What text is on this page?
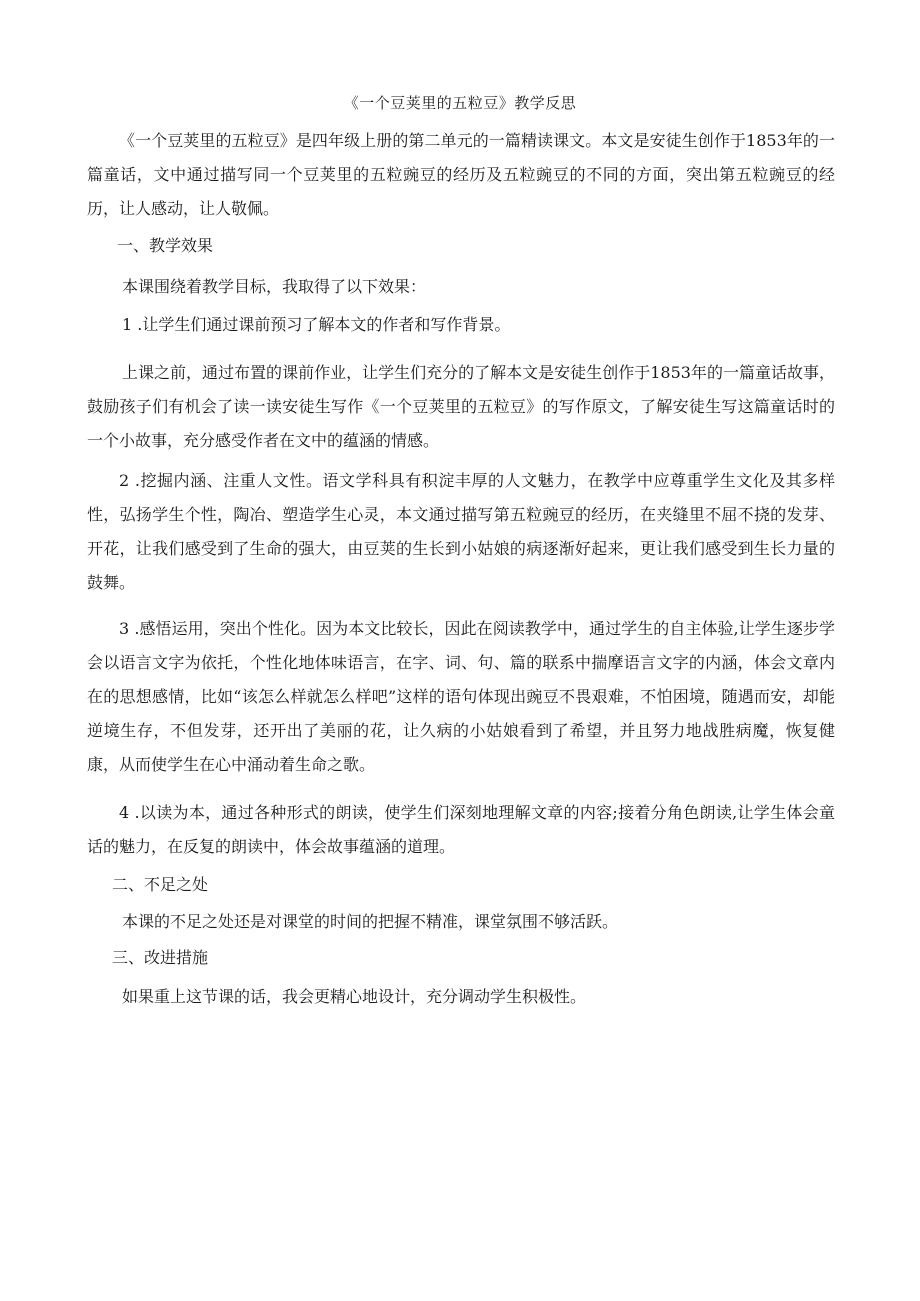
《一个豆荚里的五粒豆》教学反思
《一个豆荚里的五粒豆》是四年级上册的第二单元的一篇精读课文。本文是安徒生创作于1853年的一篇童话，文中通过描写同一个豆荚里的五粒豌豆的经历及五粒豌豆的不同的方面，突出第五粒豌豆的经历，让人感动，让人敬佩。
一、教学效果
本课围绕着教学目标，我取得了以下效果：
1 .让学生们通过课前预习了解本文的作者和写作背景。
上课之前，通过布置的课前作业，让学生们充分的了解本文是安徒生创作于1853年的一篇童话故事，鼓励孩子们有机会了读一读安徒生写作《一个豆荚里的五粒豆》的写作原文，了解安徒生写这篇童话时的一个小故事，充分感受作者在文中的蕴涵的情感。
2 .挖掘内涵、注重人文性。语文学科具有积淀丰厚的人文魅力，在教学中应尊重学生文化及其多样性，弘扬学生个性，陶冶、塑造学生心灵，本文通过描写第五粒豌豆的经历，在夹缝里不屈不挠的发芽、开花，让我们感受到了生命的强大，由豆荚的生长到小姑娘的病逐渐好起来，更让我们感受到生长力量的鼓舞。
3 .感悟运用，突出个性化。因为本文比较长，因此在阅读教学中，通过学生的自主体验,让学生逐步学会以语言文字为依托，个性化地体味语言，在字、词、句、篇的联系中揣摩语言文字的内涵，体会文章内在的思想感情，比如“该怎么样就怎么样吧”这样的语句体现出豌豆不畏艰难，不怕困境，随遇而安，却能逆境生存，不但发芽，还开出了美丽的花，让久病的小姑娘看到了希望，并且努力地战胜病魔，恢复健康，从而使学生在心中涌动着生命之歌。
4 .以读为本，通过各种形式的朗读，使学生们深刻地理解文章的内容;接着分角色朗读,让学生体会童话的魅力，在反复的朗读中，体会故事蕴涵的道理。
二、不足之处
本课的不足之处还是对课堂的时间的把握不精准，课堂氛围不够活跃。
三、改进措施
如果重上这节课的话，我会更精心地设计，充分调动学生积极性。
